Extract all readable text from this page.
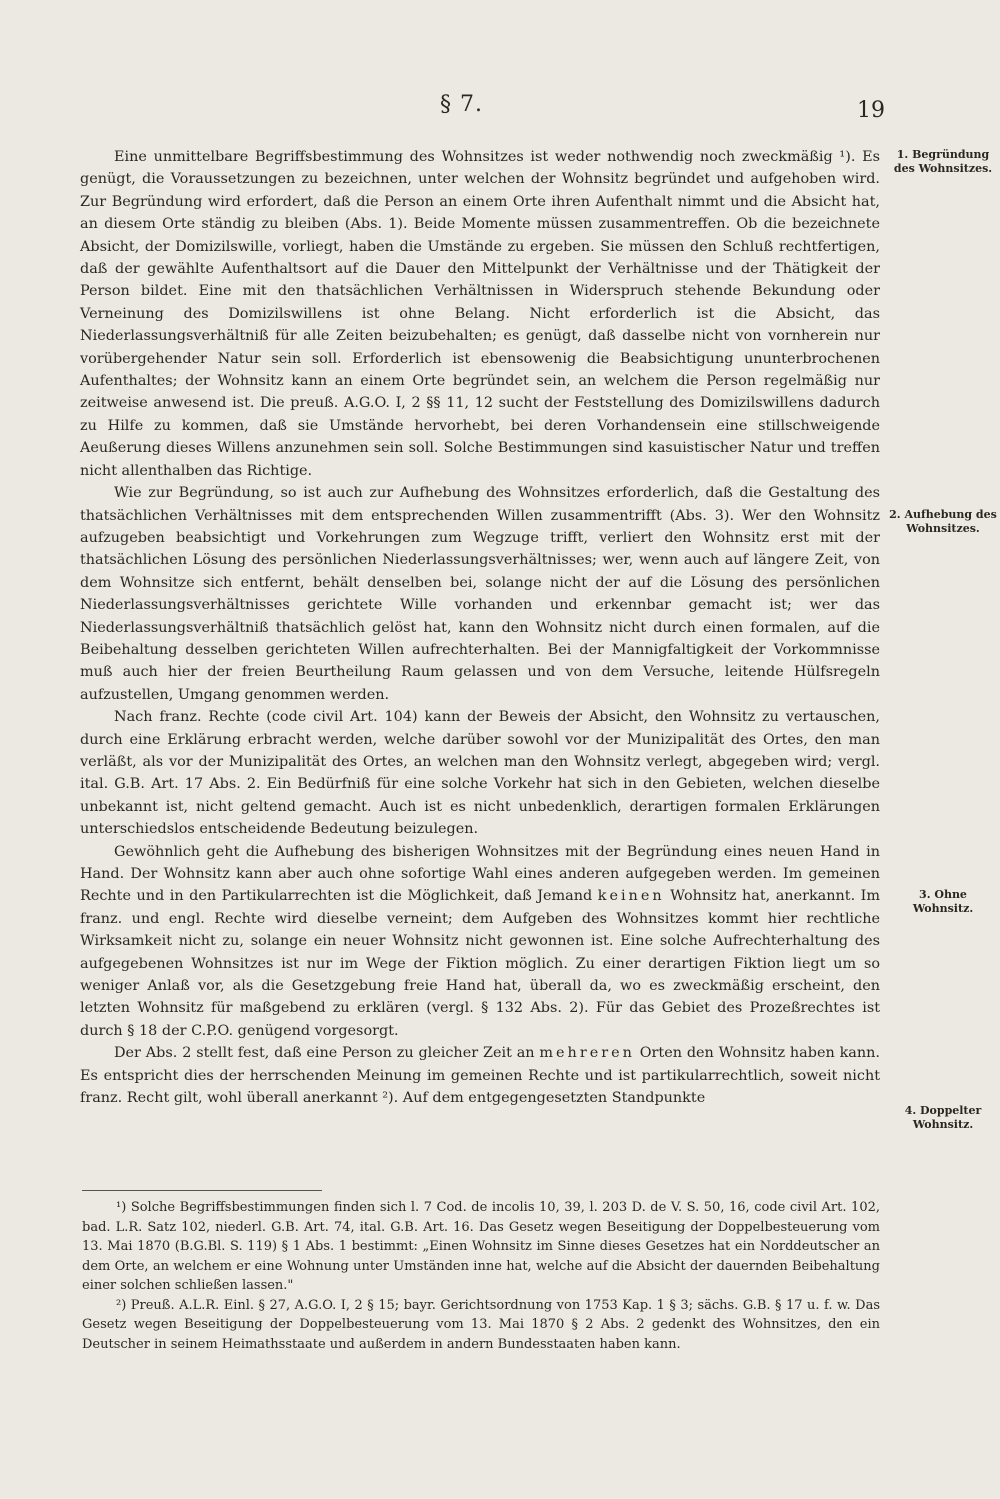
§ 7.	19
1. Begründung des Wohnsitzes.
2. Aufhebung des Wohnsitzes.
3. Ohne Wohnsitz.
4. Doppelter Wohnsitz.

Eine unmittelbare Begriffsbestimmung des Wohnsitzes ist weder nothwendig noch zweckmäßig ¹). Es genügt, die Voraussetzungen zu bezeichnen, unter welchen der Wohnsitz begründet und aufgehoben wird. Zur Begründung wird erfordert, daß die Person an einem Orte ihren Aufenthalt nimmt und die Absicht hat, an diesem Orte ständig zu bleiben (Abs. 1). Beide Momente müssen zusammentreffen. Ob die bezeichnete Absicht, der Domizilswille, vorliegt, haben die Umstände zu ergeben. Sie müssen den Schluß rechtfertigen, daß der gewählte Aufenthaltsort auf die Dauer den Mittelpunkt der Verhältnisse und der Thätigkeit der Person bildet. Eine mit den thatsächlichen Verhältnissen in Widerspruch stehende Bekundung oder Verneinung des Domizilswillens ist ohne Belang. Nicht erforderlich ist die Absicht, das Niederlassungsverhältniß für alle Zeiten beizubehalten; es genügt, daß dasselbe nicht von vornherein nur vorübergehender Natur sein soll. Erforderlich ist ebensowenig die Beabsichtigung ununterbrochenen Aufenthaltes; der Wohnsitz kann an einem Orte begründet sein, an welchem die Person regelmäßig nur zeitweise anwesend ist. Die preuß. A.G.O. I, 2 §§ 11, 12 sucht der Feststellung des Domizilswillens dadurch zu Hilfe zu kommen, daß sie Umstände hervorhebt, bei deren Vorhandensein eine stillschweigende Aeußerung dieses Willens anzunehmen sein soll. Solche Bestimmungen sind kasuistischer Natur und treffen nicht allenthalben das Richtige.

Wie zur Begründung, so ist auch zur Aufhebung des Wohnsitzes erforderlich, daß die Gestaltung des thatsächlichen Verhältnisses mit dem entsprechenden Willen zusammentrifft (Abs. 3). Wer den Wohnsitz aufzugeben beabsichtigt und Vorkehrungen zum Wegzuge trifft, verliert den Wohnsitz erst mit der thatsächlichen Lösung des persönlichen Niederlassungsverhältnisses; wer, wenn auch auf längere Zeit, von dem Wohnsitze sich entfernt, behält denselben bei, solange nicht der auf die Lösung des persönlichen Niederlassungsverhältnisses gerichtete Wille vorhanden und erkennbar gemacht ist; wer das Niederlassungsverhältniß thatsächlich gelöst hat, kann den Wohnsitz nicht durch einen formalen, auf die Beibehaltung desselben gerichteten Willen aufrechterhalten. Bei der Mannigfaltigkeit der Vorkommnisse muß auch hier der freien Beurtheilung Raum gelassen und von dem Versuche, leitende Hülfsregeln aufzustellen, Umgang genommen werden.

Nach franz. Rechte (code civil Art. 104) kann der Beweis der Absicht, den Wohnsitz zu vertauschen, durch eine Erklärung erbracht werden, welche darüber sowohl vor der Munizipalität des Ortes, den man verläßt, als vor der Munizipalität des Ortes, an welchen man den Wohnsitz verlegt, abgegeben wird; vergl. ital. G.B. Art. 17 Abs. 2. Ein Bedürfniß für eine solche Vorkehr hat sich in den Gebieten, welchen dieselbe unbekannt ist, nicht geltend gemacht. Auch ist es nicht unbedenklich, derartigen formalen Erklärungen unterschiedslos entscheidende Bedeutung beizulegen.

Gewöhnlich geht die Aufhebung des bisherigen Wohnsitzes mit der Begründung eines neuen Hand in Hand. Der Wohnsitz kann aber auch ohne sofortige Wahl eines anderen aufgegeben werden. Im gemeinen Rechte und in den Partikularrechten ist die Möglichkeit, daß Jemand keinen Wohnsitz hat, anerkannt. Im franz. und engl. Rechte wird dieselbe verneint; dem Aufgeben des Wohnsitzes kommt hier rechtliche Wirksamkeit nicht zu, solange ein neuer Wohnsitz nicht gewonnen ist. Eine solche Aufrechterhaltung des aufgegebenen Wohnsitzes ist nur im Wege der Fiktion möglich. Zu einer derartigen Fiktion liegt um so weniger Anlaß vor, als die Gesetzgebung freie Hand hat, überall da, wo es zweckmäßig erscheint, den letzten Wohnsitz für maßgebend zu erklären (vergl. § 132 Abs. 2). Für das Gebiet des Prozeßrechtes ist durch § 18 der C.P.O. genügend vorgesorgt.

Der Abs. 2 stellt fest, daß eine Person zu gleicher Zeit an mehreren Orten den Wohnsitz haben kann. Es entspricht dies der herrschenden Meinung im gemeinen Rechte und ist partikularrechtlich, soweit nicht franz. Recht gilt, wohl überall anerkannt ²). Auf dem entgegengesetzten Standpunkte

¹) Solche Begriffsbestimmungen finden sich l. 7 Cod. de incolis 10, 39, l. 203 D. de V. S. 50, 16, code civil Art. 102, bad. L.R. Satz 102, niederl. G.B. Art. 74, ital. G.B. Art. 16. Das Gesetz wegen Beseitigung der Doppelbesteuerung vom 13. Mai 1870 (B.G.Bl. S. 119) § 1 Abs. 1 bestimmt: „Einen Wohnsitz im Sinne dieses Gesetzes hat ein Norddeutscher an dem Orte, an welchem er eine Wohnung unter Umständen inne hat, welche auf die Absicht der dauernden Beibehaltung einer solchen schließen lassen."

²) Preuß. A.L.R. Einl. § 27, A.G.O. I, 2 § 15; bayr. Gerichtsordnung von 1753 Kap. 1 § 3; sächs. G.B. § 17 u. f. w. Das Gesetz wegen Beseitigung der Doppelbesteuerung vom 13. Mai 1870 § 2 Abs. 2 gedenkt des Wohnsitzes, den ein Deutscher in seinem Heimathsstaate und außerdem in andern Bundesstaaten haben kann.
